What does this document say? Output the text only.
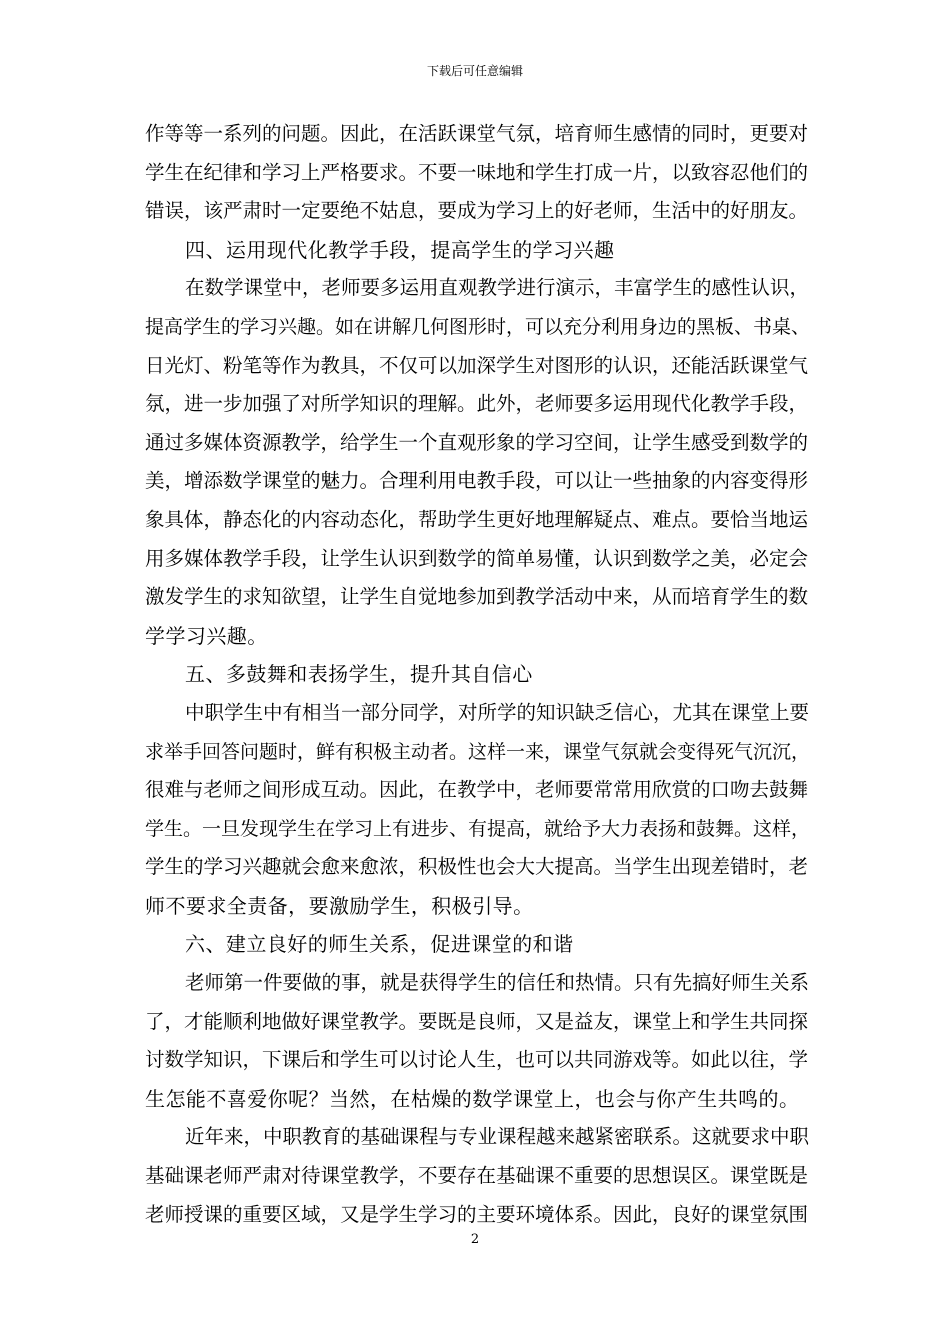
下载后可任意编辑
作等等一系列的问题。因此，在活跃课堂气氛，培育师生感情的同时，更要对
学生在纪律和学习上严格要求。不要一味地和学生打成一片，以致容忍他们的
错误，该严肃时一定要绝不姑息，要成为学习上的好老师，生活中的好朋友。
四、运用现代化教学手段，提高学生的学习兴趣
在数学课堂中，老师要多运用直观教学进行演示，丰富学生的感性认识，
提高学生的学习兴趣。如在讲解几何图形时，可以充分利用身边的黑板、书桌、
日光灯、粉笔等作为教具，不仅可以加深学生对图形的认识，还能活跃课堂气
氛，进一步加强了对所学知识的理解。此外，老师要多运用现代化教学手段，
通过多媒体资源教学，给学生一个直观形象的学习空间，让学生感受到数学的
美，增添数学课堂的魅力。合理利用电教手段，可以让一些抽象的内容变得形
象具体，静态化的内容动态化，帮助学生更好地理解疑点、难点。要恰当地运
用多媒体教学手段，让学生认识到数学的简单易懂，认识到数学之美，必定会
激发学生的求知欲望，让学生自觉地参加到教学活动中来，从而培育学生的数
学学习兴趣。
五、多鼓舞和表扬学生，提升其自信心
中职学生中有相当一部分同学，对所学的知识缺乏信心，尤其在课堂上要
求举手回答问题时，鲜有积极主动者。这样一来，课堂气氛就会变得死气沉沉，
很难与老师之间形成互动。因此，在教学中，老师要常常用欣赏的口吻去鼓舞
学生。一旦发现学生在学习上有进步、有提高，就给予大力表扬和鼓舞。这样，
学生的学习兴趣就会愈来愈浓，积极性也会大大提高。当学生出现差错时，老
师不要求全责备，要激励学生，积极引导。
六、建立良好的师生关系，促进课堂的和谐
老师第一件要做的事，就是获得学生的信任和热情。只有先搞好师生关系
了，才能顺利地做好课堂教学。要既是良师，又是益友，课堂上和学生共同探
讨数学知识，下课后和学生可以讨论人生，也可以共同游戏等。如此以往，学
生怎能不喜爱你呢？当然，在枯燥的数学课堂上，也会与你产生共鸣的。
近年来，中职教育的基础课程与专业课程越来越紧密联系。这就要求中职
基础课老师严肃对待课堂教学，不要存在基础课不重要的思想误区。课堂既是
老师授课的重要区域，又是学生学习的主要环境体系。因此，良好的课堂氛围
2
